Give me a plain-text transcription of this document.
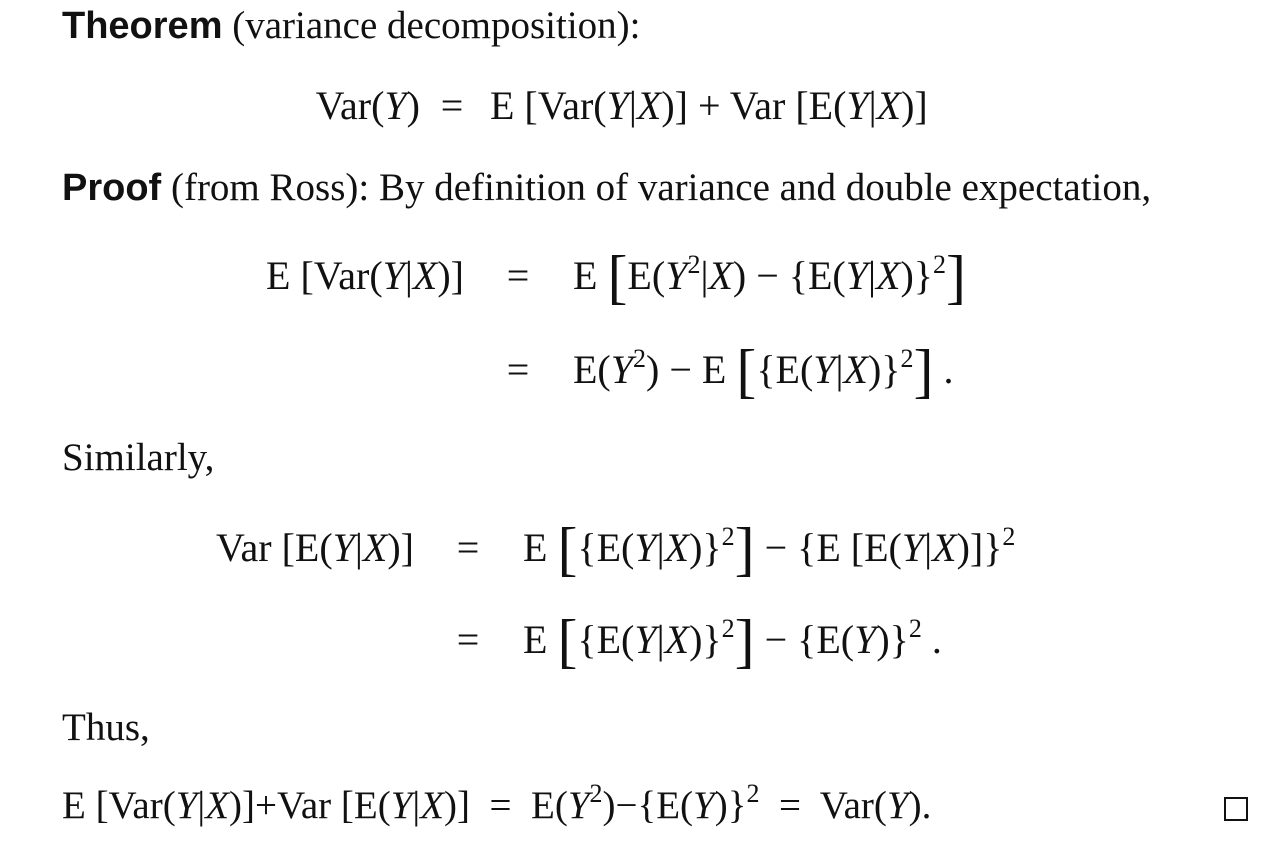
Theorem (variance decomposition):
Var(Y) = E [Var(Y|X)] + Var [E(Y|X)]
Proof (from Ross): By definition of variance and double expectation,
E [Var(Y|X)] = E $[E(Y^2|X) - \{E(Y|X)\}^2]$
= $E(Y^2) - E$ $[\{E(Y|X)\}^2]$ .
Similarly,
Var [E(Y|X)] = E $[\{E(Y|X)\}^2] - \{E$ [E(Y|X)]}$^2$
= E $[\{E(Y|X)\}^2] - \{E(Y)\}^2$ .
Thus,
E [Var(Y|X)]+Var $[E(Y|X)] = E(Y^2)-\{E(Y)\}^2 = Var(Y)$.
